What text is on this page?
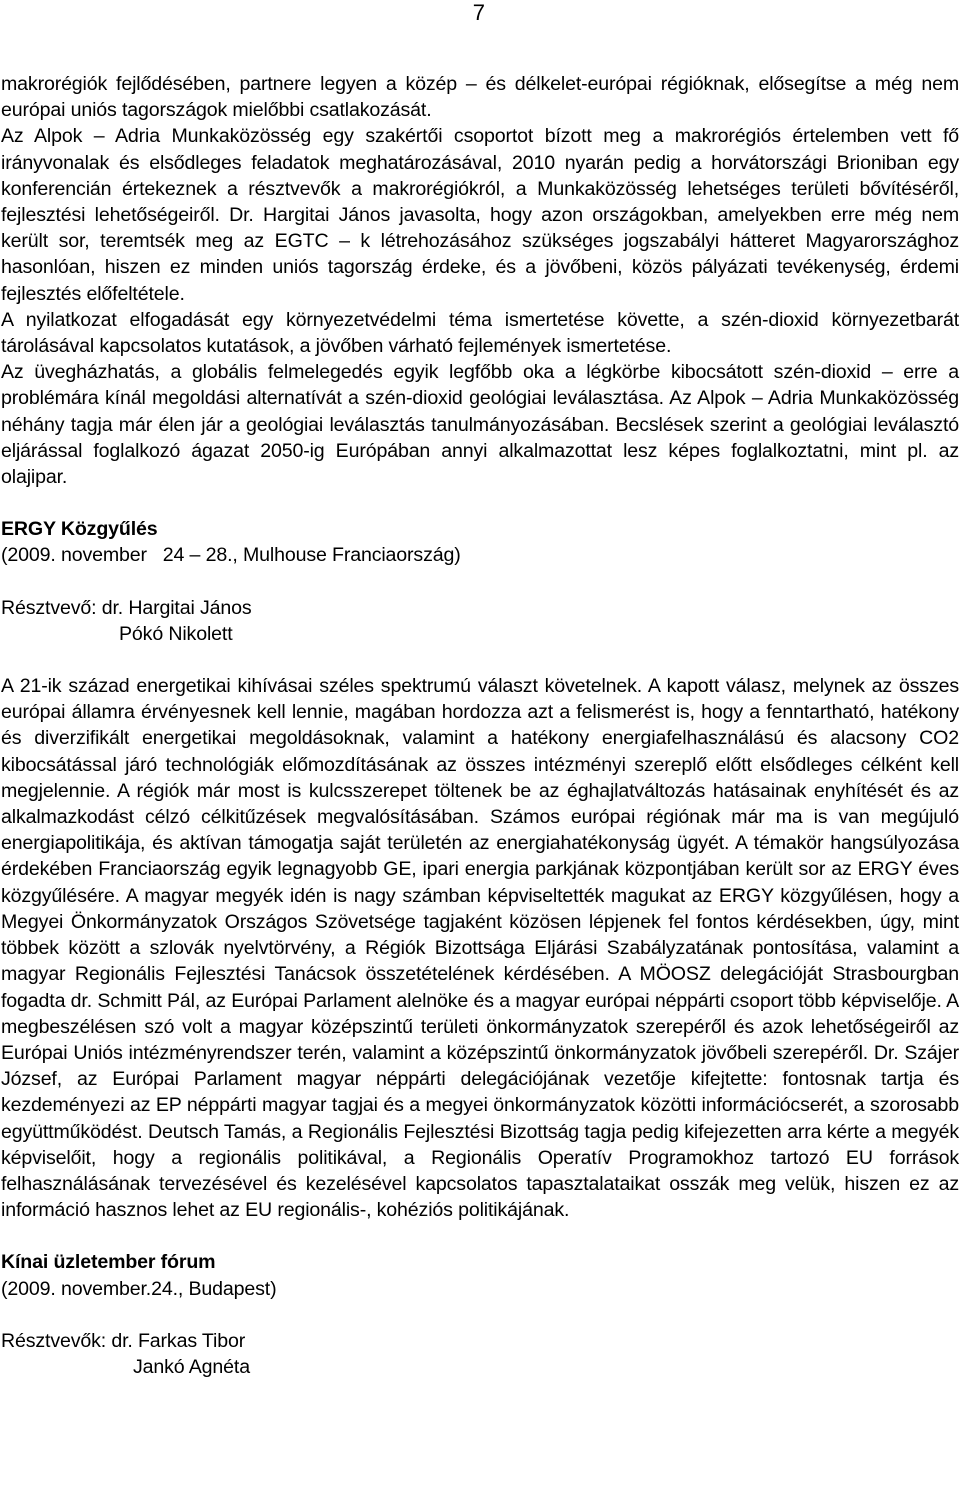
7

makrorégiók fejlődésében, partnere legyen a közép – és délkelet-európai régióknak, elősegítse a még nem európai uniós tagországok mielőbbi csatlakozását.

Az Alpok – Adria Munkaközösség egy szakértői csoportot bízott meg a makrorégiós értelemben vett fő irányvonalak és elsődleges feladatok meghatározásával, 2010 nyarán pedig a horvátországi Brioniban egy konferencián értekeznek a résztvevők a makrorégiókról, a Munkaközösség lehetséges területi bővítéséről, fejlesztési lehetőségeiről. Dr. Hargitai János javasolta, hogy azon országokban, amelyekben erre még nem került sor, teremtsék meg az EGTC – k létrehozásához szükséges jogszabályi hátteret Magyarországhoz hasonlóan, hiszen ez minden uniós tagország érdeke, és a jövőbeni, közös pályázati tevékenység, érdemi fejlesztés előfeltétele.

A nyilatkozat elfogadását egy környezetvédelmi téma ismertetése követte, a szén-dioxid környezetbarát tárolásával kapcsolatos kutatások, a jövőben várható fejlemények ismertetése.

Az üvegházhatás, a globális felmelegedés egyik legfőbb oka a légkörbe kibocsátott szén-dioxid – erre a problémára kínál megoldási alternatívát a szén-dioxid geológiai leválasztása. Az Alpok – Adria Munkaközösség néhány tagja már élen jár a geológiai leválasztás tanulmányozásában. Becslések szerint a geológiai leválasztó eljárással foglalkozó ágazat 2050-ig Európában annyi alkalmazottat lesz képes foglalkoztatni, mint pl. az olajipar.

ERGY Közgyűlés

(2009. november   24 – 28., Mulhouse Franciaország)

Résztvevő: dr. Hargitai János

Pókó Nikolett

A 21-ik század energetikai kihívásai széles spektrumú választ követelnek. A kapott válasz, melynek az összes európai államra érvényesnek kell lennie, magában hordozza azt a felismerést is, hogy a fenntartható, hatékony és diverzifikált energetikai megoldásoknak, valamint a hatékony energiafelhasználású és alacsony CO2 kibocsátással járó technológiák előmozdításának az összes intézményi szereplő előtt elsődleges célként kell megjelennie. A régiók már most is kulcsszerepet töltenek be az éghajlatváltozás hatásainak enyhítését és az alkalmazkodást célzó célkitűzések megvalósításában. Számos európai régiónak már ma is van megújuló energiapolitikája, és aktívan támogatja saját területén az energiahatékonyság ügyét. A témakör hangsúlyozása érdekében Franciaország egyik legnagyobb GE, ipari energia parkjának központjában került sor az ERGY éves közgyűlésére. A magyar megyék idén is nagy számban képviseltették magukat az ERGY közgyűlésen, hogy a Megyei Önkormányzatok Országos Szövetsége tagjaként közösen lépjenek fel fontos kérdésekben, úgy, mint többek között a szlovák nyelvtörvény, a Régiók Bizottsága Eljárási Szabályzatának pontosítása, valamint a magyar Regionális Fejlesztési Tanácsok összetételének kérdésében. A MÖOSZ delegációját Strasbourgban fogadta dr. Schmitt Pál, az Európai Parlament alelnöke és a magyar európai néppárti csoport több képviselője. A megbeszélésen szó volt a magyar középszintű területi önkormányzatok szerepéről és azok lehetőségeiről az Európai Uniós intézményrendszer terén, valamint a középszintű önkormányzatok jövőbeli szerepéről. Dr. Szájer József, az Európai Parlament magyar néppárti delegációjának vezetője kifejtette: fontosnak tartja és kezdeményezi az EP néppárti magyar tagjai és a megyei önkormányzatok közötti információcserét, a szorosabb együttműködést. Deutsch Tamás, a Regionális Fejlesztési Bizottság tagja pedig kifejezetten arra kérte a megyék képviselőit, hogy a regionális politikával, a Regionális Operatív Programokhoz tartozó EU források felhasználásának tervezésével és kezelésével kapcsolatos tapasztalataikat osszák meg velük, hiszen ez az információ hasznos lehet az EU regionális-, kohéziós politikájának.

Kínai üzletember fórum

(2009. november.24., Budapest)

Résztvevők: dr. Farkas Tibor

Jankó Agnéta
